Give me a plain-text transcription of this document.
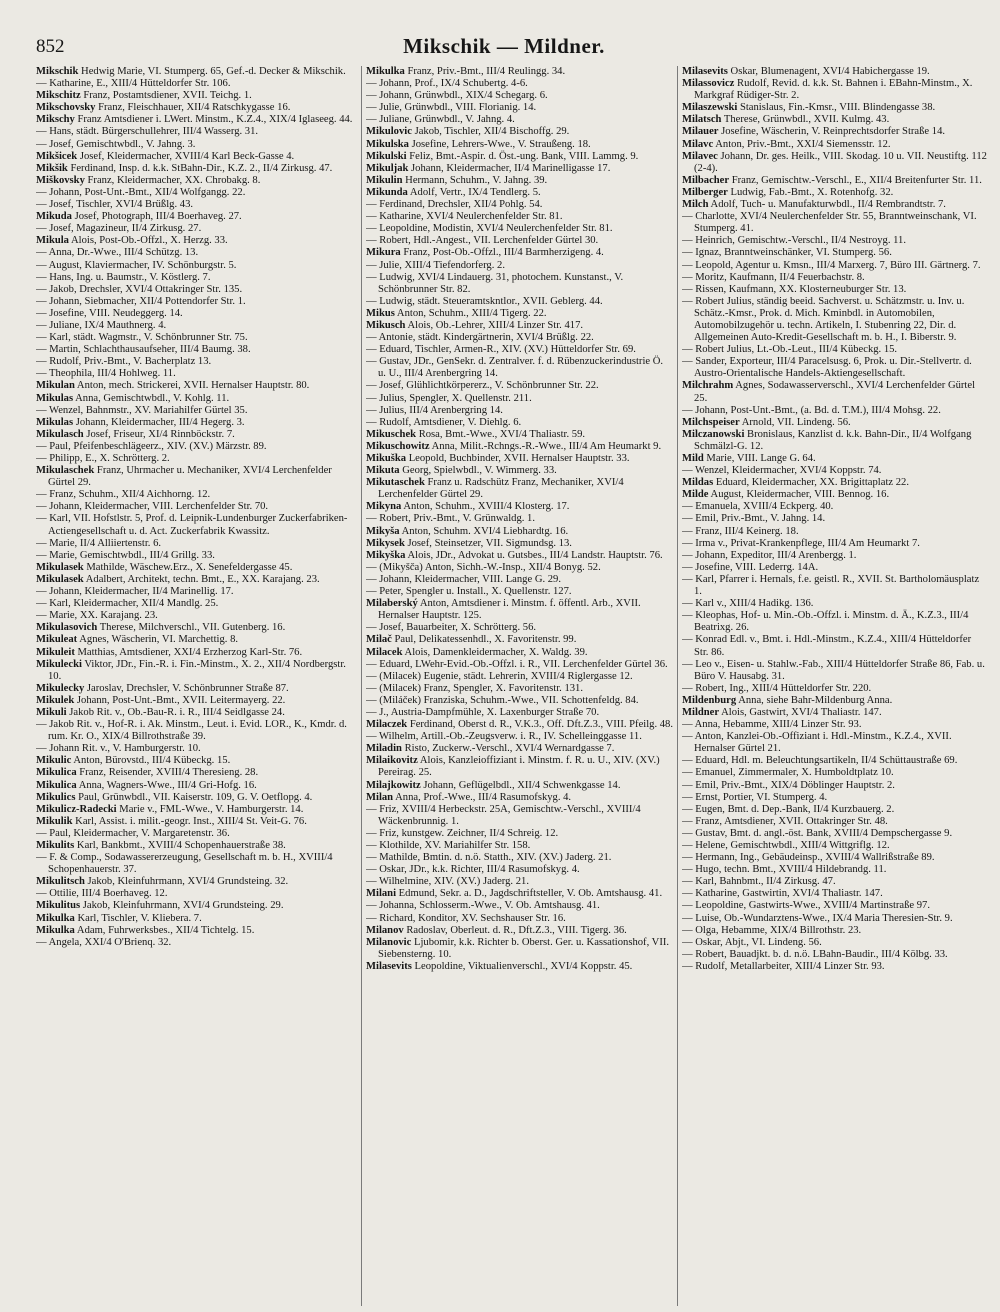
852	Mikschik — Mildner.

Mikschik Hedwig Marie, VI. Stumperg. 65, Gef.-d. Decker & Mikschik.

— Katharine, E., XIII/4 Hütteldorfer Str. 106.

Mikschitz Franz, Postamtsdiener, XVII. Teichg. 1.

Mikschovsky Franz, Fleischhauer, XII/4 Ratschkygasse 16.

Mikschy Franz Amtsdiener i. LWert. Minstm., K.Z.4., XIX/4 Iglaseeg. 44.

— Hans, städt. Bürgerschullehrer, III/4 Wasserg. 31.

— Josef, Gemischtwbdl., V. Jahng. 3.

Mikšicek Josef, Kleidermacher, XVIII/4 Karl Beck-Gasse 4.

Mikšik Ferdinand, Insp. d. k.k. StBahn-Dir., K.Z. 2., II/4 Zirkusg. 47.

Miškovsky Franz, Kleidermacher, XX. Chrobakg. 8.

— Johann, Post-Unt.-Bmt., XII/4 Wolfgangg. 22.

— Josef, Tischler, XVI/4 Brüßlg. 43.

Mikuda Josef, Photograph, III/4 Boerhaveg. 27.

— Josef, Magazineur, II/4 Zirkusg. 27.

Mikula Alois, Post-Ob.-Offzl., X. Herzg. 33.

— Anna, Dr.-Wwe., III/4 Schützg. 13.

— August, Klaviermacher, IV. Schönburgstr. 5.

— Hans, Ing. u. Baumstr., V. Köstlerg. 7.

— Jakob, Drechsler, XVI/4 Ottakringer Str. 135.

— Johann, Siebmacher, XII/4 Pottendorfer Str. 1.

— Josefine, VIII. Neudeggerg. 14.

— Juliane, IX/4 Mauthnerg. 4.

— Karl, städt. Wagmstr., V. Schönbrunner Str. 75.

— Martin, Schlachthausaufseher, III/4 Baumg. 38.

— Rudolf, Priv.-Bmt., V. Bacherplatz 13.

— Theophila, III/4 Hohlweg. 11.

Mikulan Anton, mech. Strickerei, XVII. Hernalser Hauptstr. 80.

Mikulas Anna, Gemischtwbdl., V. Kohlg. 11.

— Wenzel, Bahnmstr., XV. Mariahilfer Gürtel 35.

Mikulas Johann, Kleidermacher, III/4 Hegerg. 3.

Mikulasch Josef, Friseur, XI/4 Rinnböckstr. 7.

— Paul, Pfeifenbeschlägeerz., XIV. (XV.) Märzstr. 89.

— Philipp, E., X. Schrötterg. 2.

Mikulaschek Franz, Uhrmacher u. Mechaniker, XVI/4 Lerchenfelder Gürtel 29.

— Franz, Schuhm., XII/4 Aichhorng. 12.

— Johann, Kleidermacher, VIII. Lerchenfelder Str. 70.

— Karl, VII. Hofstlstr. 5, Prof. d. Leipnik-Lundenburger Zuckerfabriken-Actiengesellschaft u. d. Act. Zuckerfabrik Kwassitz.

— Marie, II/4 Alliiertenstr. 6.

— Marie, Gemischtwbdl., III/4 Grillg. 33.

Mikulasek Mathilde, Wäschew.Erz., X. Senefeldergasse 45.

Mikulasek Adalbert, Architekt, techn. Bmt., E., XX. Karajang. 23.

— Johann, Kleidermacher, II/4 Marinellig. 17.

— Karl, Kleidermacher, XII/4 Mandlg. 25.

— Marie, XX. Karajang. 23.

Mikulasovich Therese, Milchverschl., VII. Gutenberg. 16.

Mikuleat Agnes, Wäscherin, VI. Marchettig. 8.

Mikuleit Matthias, Amtsdiener, XXI/4 Erzherzog Karl-Str. 76.

Mikulecki Viktor, JDr., Fin.-R. i. Fin.-Minstm., X. 2., XII/4 Nordbergstr. 10.

Mikulecky Jaroslav, Drechsler, V. Schönbrunner Straße 87.

Mikulek Johann, Post-Unt.-Bmt., XVII. Leitermayerg. 22.

Mikuli Jakob Rit. v., Ob.-Bau-R. i. R., III/4 Seidlgasse 24.

— Jakob Rit. v., Hof-R. i. Ak. Minstm., Leut. i. Evid. LOR., K., Kmdr. d. rum. Kr. O., XIX/4 Billrothstraße 39.

— Johann Rit. v., V. Hamburgerstr. 10.

Mikulic Anton, Bürovstd., III/4 Kübeckg. 15.

Mikulica Franz, Reisender, XVIII/4 Theresieng. 28.

Mikulica Anna, Wagners-Wwe., III/4 Gri-Hofg. 16.

Mikulics Paul, Grünwbdl., VII. Kaiserstr. 109, G. V. Oetflopg. 4.

Mikulicz-Radecki Marie v., FML-Wwe., V. Hamburgerstr. 14.

Mikulik Karl, Assist. i. milit.-geogr. Inst., XIII/4 St. Veit-G. 76.

— Paul, Kleidermacher, V. Margaretenstr. 36.

Mikulits Karl, Bankbmt., XVIII/4 Schopenhauerstraße 38.

— F. & Comp., Sodawassererzeugung, Gesellschaft m. b. H., XVIII/4 Schopenhauerstr. 37.

Mikulitsch Jakob, Kleinfuhrmann, XVI/4 Grundsteing. 32.

— Ottilie, III/4 Boerhaveg. 12.

Mikulitus Jakob, Kleinfuhrmann, XVI/4 Grundsteing. 29.

Mikulka Karl, Tischler, V. Kliebera. 7.

Mikulka Adam, Fuhrwerksbes., XII/4 Tichtelg. 15.

— Angela, XXI/4 O'Brienq. 32.

Mikulka Franz, Priv.-Bmt., III/4 Reulingg. 34.

— Johann, Prof., IX/4 Schubertg. 4-6.

— Johann, Grünwbdl., XIX/4 Schegarg. 6.

— Julie, Grünwbdl., VIII. Florianig. 14.

— Juliane, Grünwbdl., V. Jahng. 4.

Mikulovic Jakob, Tischler, XII/4 Bischoffg. 29.

Mikulska Josefine, Lehrers-Wwe., V. Straußeng. 18.

Mikulski Feliz, Bmt.-Aspir. d. Öst.-ung. Bank, VIII. Lammg. 9.

Mikuljak Johann, Kleidermacher, II/4 Marinelligasse 17.

Mikulin Hermann, Schuhm., V. Jahng. 39.

Mikunda Adolf, Vertr., IX/4 Tendlerg. 5.

— Ferdinand, Drechsler, XII/4 Pohlg. 54.

— Katharine, XVI/4 Neulerchenfelder Str. 81.

— Leopoldine, Modistin, XVI/4 Neulerchenfelder Str. 81.

— Robert, Hdl.-Angest., VII. Lerchenfelder Gürtel 30.

Mikura Franz, Post-Ob.-Offzl., III/4 Barmherzigeng. 4.

— Julie, XIII/4 Tiefendorferg. 2.

— Ludwig, XVI/4 Lindauerg. 31, photochem. Kunstanst., V. Schönbrunner Str. 82.

— Ludwig, städt. Steueramtskntlor., XVII. Geblerg. 44.

Mikus Anton, Schuhm., XIII/4 Tigerg. 22.

Mikusch Alois, Ob.-Lehrer, XIII/4 Linzer Str. 417.

— Antonie, städt. Kindergärtnerin, XVI/4 Brüßlg. 22.

— Eduard, Tischler, Armen-R., XIV. (XV.) Hütteldorfer Str. 69.

— Gustav, JDr., GenSekr. d. Zentralver. f. d. Rübenzuckerindustrie Ö. u. U., III/4 Arenbergring 14.

— Josef, Glühlichtkörpererz., V. Schönbrunner Str. 22.

— Julius, Spengler, X. Quellenstr. 211.

— Julius, III/4 Arenbergring 14.

— Rudolf, Amtsdiener, V. Diehlg. 6.

Mikuschek Rosa, Bmt.-Wwe., XVI/4 Thaliastr. 59.

Mikuschowitz Anna, Milit.-Rchngs.-R.-Wwe., III/4 Am Heumarkt 9.

Mikuška Leopold, Buchbinder, XVII. Hernalser Hauptstr. 33.

Mikuta Georg, Spielwbdl., V. Wimmerg. 33.

Mikutaschek Franz u. Radschütz Franz, Mechaniker, XVI/4 Lerchenfelder Gürtel 29.

Mikyna Anton, Schuhm., XVIII/4 Klosterg. 17.

— Robert, Priv.-Bmt., V. Grünwaldg. 1.

Mikyša Anton, Schuhm. XVI/4 Liebhardtg. 16.

Mikysek Josef, Steinsetzer, VII. Sigmundsg. 13.

Mikyška Alois, JDr., Advokat u. Gutsbes., III/4 Landstr. Hauptstr. 76.

— (Mikyšča) Anton, Sichh.-W.-Insp., XII/4 Bonyg. 52.

— Johann, Kleidermacher, VIII. Lange G. 29.

— Peter, Spengler u. Install., X. Quellenstr. 127.

Milaberský Anton, Amtsdiener i. Minstm. f. öffentl. Arb., XVII. Hernalser Hauptstr. 125.

— Josef, Bauarbeiter, X. Schrötterg. 56.

Milač Paul, Delikatessenhdl., X. Favoritenstr. 99.

Milacek Alois, Damenkleidermacher, X. Waldg. 39.

— Eduard, LWehr-Evid.-Ob.-Offzl. i. R., VII. Lerchenfelder Gürtel 36.

— (Milacek) Eugenie, städt. Lehrerin, XVIII/4 Riglergasse 12.

— (Milacek) Franz, Spengler, X. Favoritenstr. 131.

— (Miláček) Franziska, Schuhm.-Wwe., VII. Schottenfeldg. 84.

— J., Austria-Dampfmühle, X. Laxenburger Straße 70.

Milaczek Ferdinand, Oberst d. R., V.K.3., Off. Dft.Z.3., VIII. Pfeilg. 48.

— Wilhelm, Artill.-Ob.-Zeugsverw. i. R., IV. Schelleinggasse 11.

Miladin Risto, Zuckerw.-Verschl., XVI/4 Wernardgasse 7.

Milaikovitz Alois, Kanzleioffiziant i. Minstm. f. R. u. U., XIV. (XV.) Pereirag. 25.

Milajkowitz Johann, Geflügelbdl., XII/4 Schwenkgasse 14.

Milan Anna, Prof.-Wwe., III/4 Rasumofskyg. 4.

— Friz, XVIII/4 Herbeckstr. 25A, Gemischtw.-Verschl., XVIII/4 Wäckenbrunnig. 1.

— Friz, kunstgew. Zeichner, II/4 Schreig. 12.

— Klothilde, XV. Mariahilfer Str. 158.

— Mathilde, Bmtin. d. n.ö. Statth., XIV. (XV.) Jaderg. 21.

— Oskar, JDr., k.k. Richter, III/4 Rasumofskyg. 4.

— Wilhelmine, XIV. (XV.) Jaderg. 21.

Milani Edmund, Sekr. a. D., Jagdschriftsteller, V. Ob. Amtshausg. 41.

— Johanna, Schlosserm.-Wwe., V. Ob. Amtshausg. 41.

— Richard, Konditor, XV. Sechshauser Str. 16.

Milanov Radoslav, Oberleut. d. R., Dft.Z.3., VIII. Tigerg. 36.

Milanovic Ljubomir, k.k. Richter b. Oberst. Ger. u. Kassationshof, VII. Siebensterng. 10.

Milasevits Leopoldine, Viktualienverschl., XVI/4 Koppstr. 45.

Milasevits Oskar, Blumenagent, XVI/4 Habichergasse 19.

Milassovicz Rudolf, Revid. d. k.k. St. Bahnen i. EBahn-Minstm., X. Markgraf Rüdiger-Str. 2.

Milaszewski Stanislaus, Fin.-Kmsr., VIII. Blindengasse 38.

Milatsch Therese, Grünwbdl., XVII. Kulmg. 43.

Milauer Josefine, Wäscherin, V. Reinprechtsdorfer Straße 14.

Milavc Anton, Priv.-Bmt., XXI/4 Siemensstr. 12.

Milavec Johann, Dr. ges. Heilk., VIII. Skodag. 10 u. VII. Neustiftg. 112 (2-4).

Milbacher Franz, Gemischtw.-Verschl., E., XII/4 Breitenfurter Str. 11.

Milberger Ludwig, Fab.-Bmt., X. Rotenhofg. 32.

Milch Adolf, Tuch- u. Manufakturwbdl., II/4 Rembrandtstr. 7.

— Charlotte, XVI/4 Neulerchenfelder Str. 55, Branntweinschank, VI. Stumperg. 41.

— Heinrich, Gemischtw.-Verschl., II/4 Nestroyg. 11.

— Ignaz, Branntweinschänker, VI. Stumperg. 56.

— Leopold, Agentur u. Kmsn., III/4 Marxerg. 7, Büro III. Gärtnerg. 7.

— Moritz, Kaufmann, II/4 Feuerbachstr. 8.

— Rissen, Kaufmann, XX. Klosterneuburger Str. 13.

— Robert Julius, ständig beeid. Sachverst. u. Schätzmstr. u. Inv. u. Schätz.-Kmsr., Prok. d. Mich. Kminbdl. in Automobilen, Automobilzugehör u. techn. Artikeln, I. Stubenring 22, Dir. d. Allgemeinen Auto-Kredit-Gesellschaft m. b. H., I. Biberstr. 9.

— Robert Julius, Lt.-Ob.-Leut., III/4 Kübeckg. 15.

— Sander, Exporteur, III/4 Paracelsusg. 6, Prok. u. Dir.-Stellvertr. d. Austro-Orientalische Handels-Aktiengesellschaft.

Milchrahm Agnes, Sodawasserverschl., XVI/4 Lerchenfelder Gürtel 25.

— Johann, Post-Unt.-Bmt., (a. Bd. d. T.M.), III/4 Mohsg. 22.

Milchspeiser Arnold, VII. Lindeng. 56.

Milczanowski Bronislaus, Kanzlist d. k.k. Bahn-Dir., II/4 Wolfgang Schmälzl-G. 12.

Mild Marie, VIII. Lange G. 64.

— Wenzel, Kleidermacher, XVI/4 Koppstr. 74.

Mildas Eduard, Kleidermacher, XX. Brigittaplatz 22.

Milde August, Kleidermacher, VIII. Bennog. 16.

— Emanuela, XVIII/4 Eckperg. 40.

— Emil, Priv.-Bmt., V. Jahng. 14.

— Franz, III/4 Keinerg. 18.

— Irma v., Privat-Krankenpflege, III/4 Am Heumarkt 7.

— Johann, Expeditor, III/4 Arenbergg. 1.

— Josefine, VIII. Lederrg. 14A.

— Karl, Pfarrer i. Hernals, f.e. geistl. R., XVII. St. Bartholomäusplatz 1.

— Karl v., XIII/4 Hadikg. 136.

— Kleophas, Hof- u. Min.-Ob.-Offzl. i. Minstm. d. Ä., K.Z.3., III/4 Beatrixg. 26.

— Konrad Edl. v., Bmt. i. Hdl.-Minstm., K.Z.4., XIII/4 Hütteldorfer Str. 86.

— Leo v., Eisen- u. Stahlw.-Fab., XIII/4 Hütteldorfer Straße 86, Fab. u. Büro V. Hausabg. 31.

— Robert, Ing., XIII/4 Hütteldorfer Str. 220.

Mildenburg Anna, siehe Bahr-Mildenburg Anna.

Mildner Alois, Gastwirt, XVI/4 Thaliastr. 147.

— Anna, Hebamme, XIII/4 Linzer Str. 93.

— Anton, Kanzlei-Ob.-Offiziant i. Hdl.-Minstm., K.Z.4., XVII. Hernalser Gürtel 21.

— Eduard, Hdl. m. Beleuchtungsartikeln, II/4 Schüttaustraße 69.

— Emanuel, Zimmermaler, X. Humboldtplatz 10.

— Emil, Priv.-Bmt., XIX/4 Döblinger Hauptstr. 2.

— Ernst, Portier, VI. Stumperg. 4.

— Eugen, Bmt. d. Dep.-Bank, II/4 Kurzbauerg. 2.

— Franz, Amtsdiener, XVII. Ottakringer Str. 48.

— Gustav, Bmt. d. angl.-öst. Bank, XVIII/4 Dempschergasse 9.

— Helene, Gemischtwbdl., XIII/4 Wittgriflg. 12.

— Hermann, Ing., Gebäudeinsp., XVIII/4 Wallrißstraße 89.

— Hugo, techn. Bmt., XVIII/4 Hildebrandg. 11.

— Karl, Bahnbmt., II/4 Zirkusg. 47.

— Katharine, Gastwirtin, XVI/4 Thaliastr. 147.

— Leopoldine, Gastwirts-Wwe., XVIII/4 Martinstraße 97.

— Luise, Ob.-Wundarztens-Wwe., IX/4 Maria Theresien-Str. 9.

— Olga, Hebamme, XIX/4 Billrothstr. 23.

— Oskar, Abjt., VI. Lindeng. 56.

— Robert, Bauadjkt. b. d. n.ö. LBahn-Baudir., III/4 Kölbg. 33.

— Rudolf, Metallarbeiter, XIII/4 Linzer Str. 93.
